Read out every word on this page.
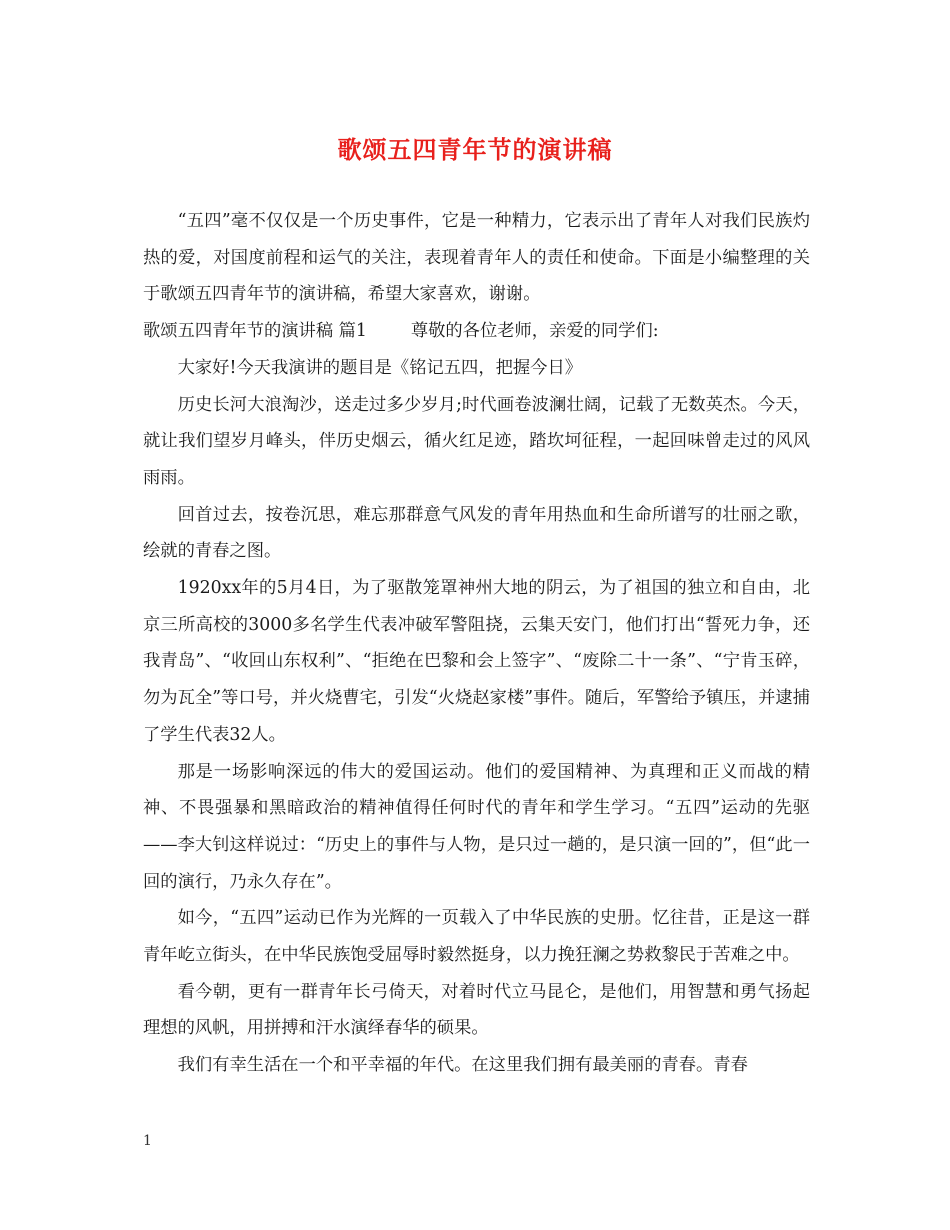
歌颂五四青年节的演讲稿

“五四”毫不仅仅是一个历史事件，它是一种精力，它表示出了青年人对我们民族灼热的爱，对国度前程和运气的关注，表现着青年人的责任和使命。下面是小编整理的关于歌颂五四青年节的演讲稿，希望大家喜欢，谢谢。

歌颂五四青年节的演讲稿 篇1	尊敬的各位老师，亲爱的同学们:

大家好!今天我演讲的题目是《铭记五四，把握今日》

历史长河大浪淘沙，送走过多少岁月;时代画卷波澜壮阔，记载了无数英杰。今天，就让我们望岁月峰头，伴历史烟云，循火红足迹，踏坎坷征程，一起回味曾走过的风风雨雨。

回首过去，按卷沉思，难忘那群意气风发的青年用热血和生命所谱写的壮丽之歌，绘就的青春之图。

1920xx年的5月4日，为了驱散笼罩神州大地的阴云，为了祖国的独立和自由，北京三所高校的3000多名学生代表冲破军警阻挠，云集天安门，他们打出“誓死力争，还我青岛”、“收回山东权利”、“拒绝在巴黎和会上签字”、“废除二十一条”、“宁肯玉碎，勿为瓦全”等口号，并火烧曹宅，引发“火烧赵家楼”事件。随后，军警给予镇压，并逮捕了学生代表32人。

那是一场影响深远的伟大的爱国运动。他们的爱国精神、为真理和正义而战的精神、不畏强暴和黑暗政治的精神值得任何时代的青年和学生学习。“五四”运动的先驱——李大钊这样说过：“历史上的事件与人物，是只过一趟的，是只演一回的”，但“此一回的演行，乃永久存在”。

如今，“五四”运动已作为光辉的一页载入了中华民族的史册。忆往昔，正是这一群青年屹立街头，在中华民族饱受屈辱时毅然挺身，以力挽狂澜之势救黎民于苦难之中。

看今朝，更有一群青年长弓倚天，对着时代立马昆仑，是他们，用智慧和勇气扬起理想的风帆，用拼搏和汗水演绎春华的硕果。

我们有幸生活在一个和平幸福的年代。在这里我们拥有最美丽的青春。青春

1
